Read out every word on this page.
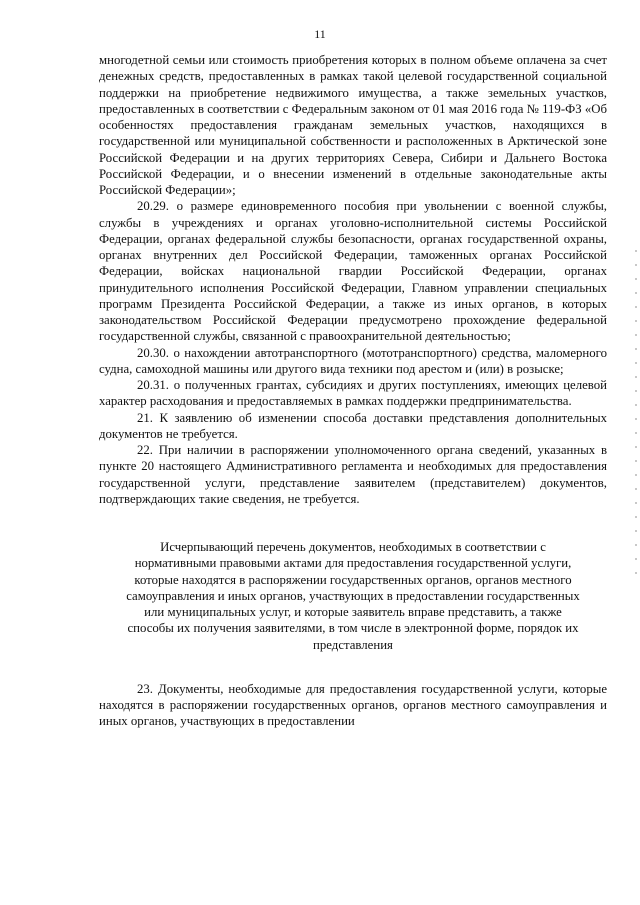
11

многодетной семьи или стоимость приобретения которых в полном объеме оплачена за счет денежных средств, предоставленных в рамках такой целевой государственной социальной поддержки на приобретение недвижимого имущества, а также земельных участков, предоставленных в соответствии с Федеральным законом от 01 мая 2016 года № 119-ФЗ «Об особенностях предоставления гражданам земельных участков, находящихся в государственной или муниципальной собственности и расположенных в Арктической зоне Российской Федерации и на других территориях Севера, Сибири и Дальнего Востока Российской Федерации, и о внесении изменений в отдельные законодательные акты Российской Федерации»;

20.29. о размере единовременного пособия при увольнении с военной службы, службы в учреждениях и органах уголовно-исполнительной системы Российской Федерации, органах федеральной службы безопасности, органах государственной охраны, органах внутренних дел Российской Федерации, таможенных органах Российской Федерации, войсках национальной гвардии Российской Федерации, органах принудительного исполнения Российской Федерации, Главном управлении специальных программ Президента Российской Федерации, а также из иных органов, в которых законодательством Российской Федерации предусмотрено прохождение федеральной государственной службы, связанной с правоохранительной деятельностью;

20.30. о нахождении автотранспортного (мототранспортного) средства, маломерного судна, самоходной машины или другого вида техники под арестом и (или) в розыске;

20.31. о полученных грантах, субсидиях и других поступлениях, имеющих целевой характер расходования и предоставляемых в рамках поддержки предпринимательства.

21. К заявлению об изменении способа доставки представления дополнительных документов не требуется.

22. При наличии в распоряжении уполномоченного органа сведений, указанных в пункте 20 настоящего Административного регламента и необходимых для предоставления государственной услуги, представление заявителем (представителем) документов, подтверждающих такие сведения, не требуется.

Исчерпывающий перечень документов, необходимых в соответствии с нормативными правовыми актами для предоставления государственной услуги, которые находятся в распоряжении государственных органов, органов местного самоуправления и иных органов, участвующих в предоставлении государственных или муниципальных услуг, и которые заявитель вправе представить, а также способы их получения заявителями, в том числе в электронной форме, порядок их представления

23. Документы, необходимые для предоставления государственной услуги, которые находятся в распоряжении государственных органов, органов местного самоуправления и иных органов, участвующих в предоставлении
